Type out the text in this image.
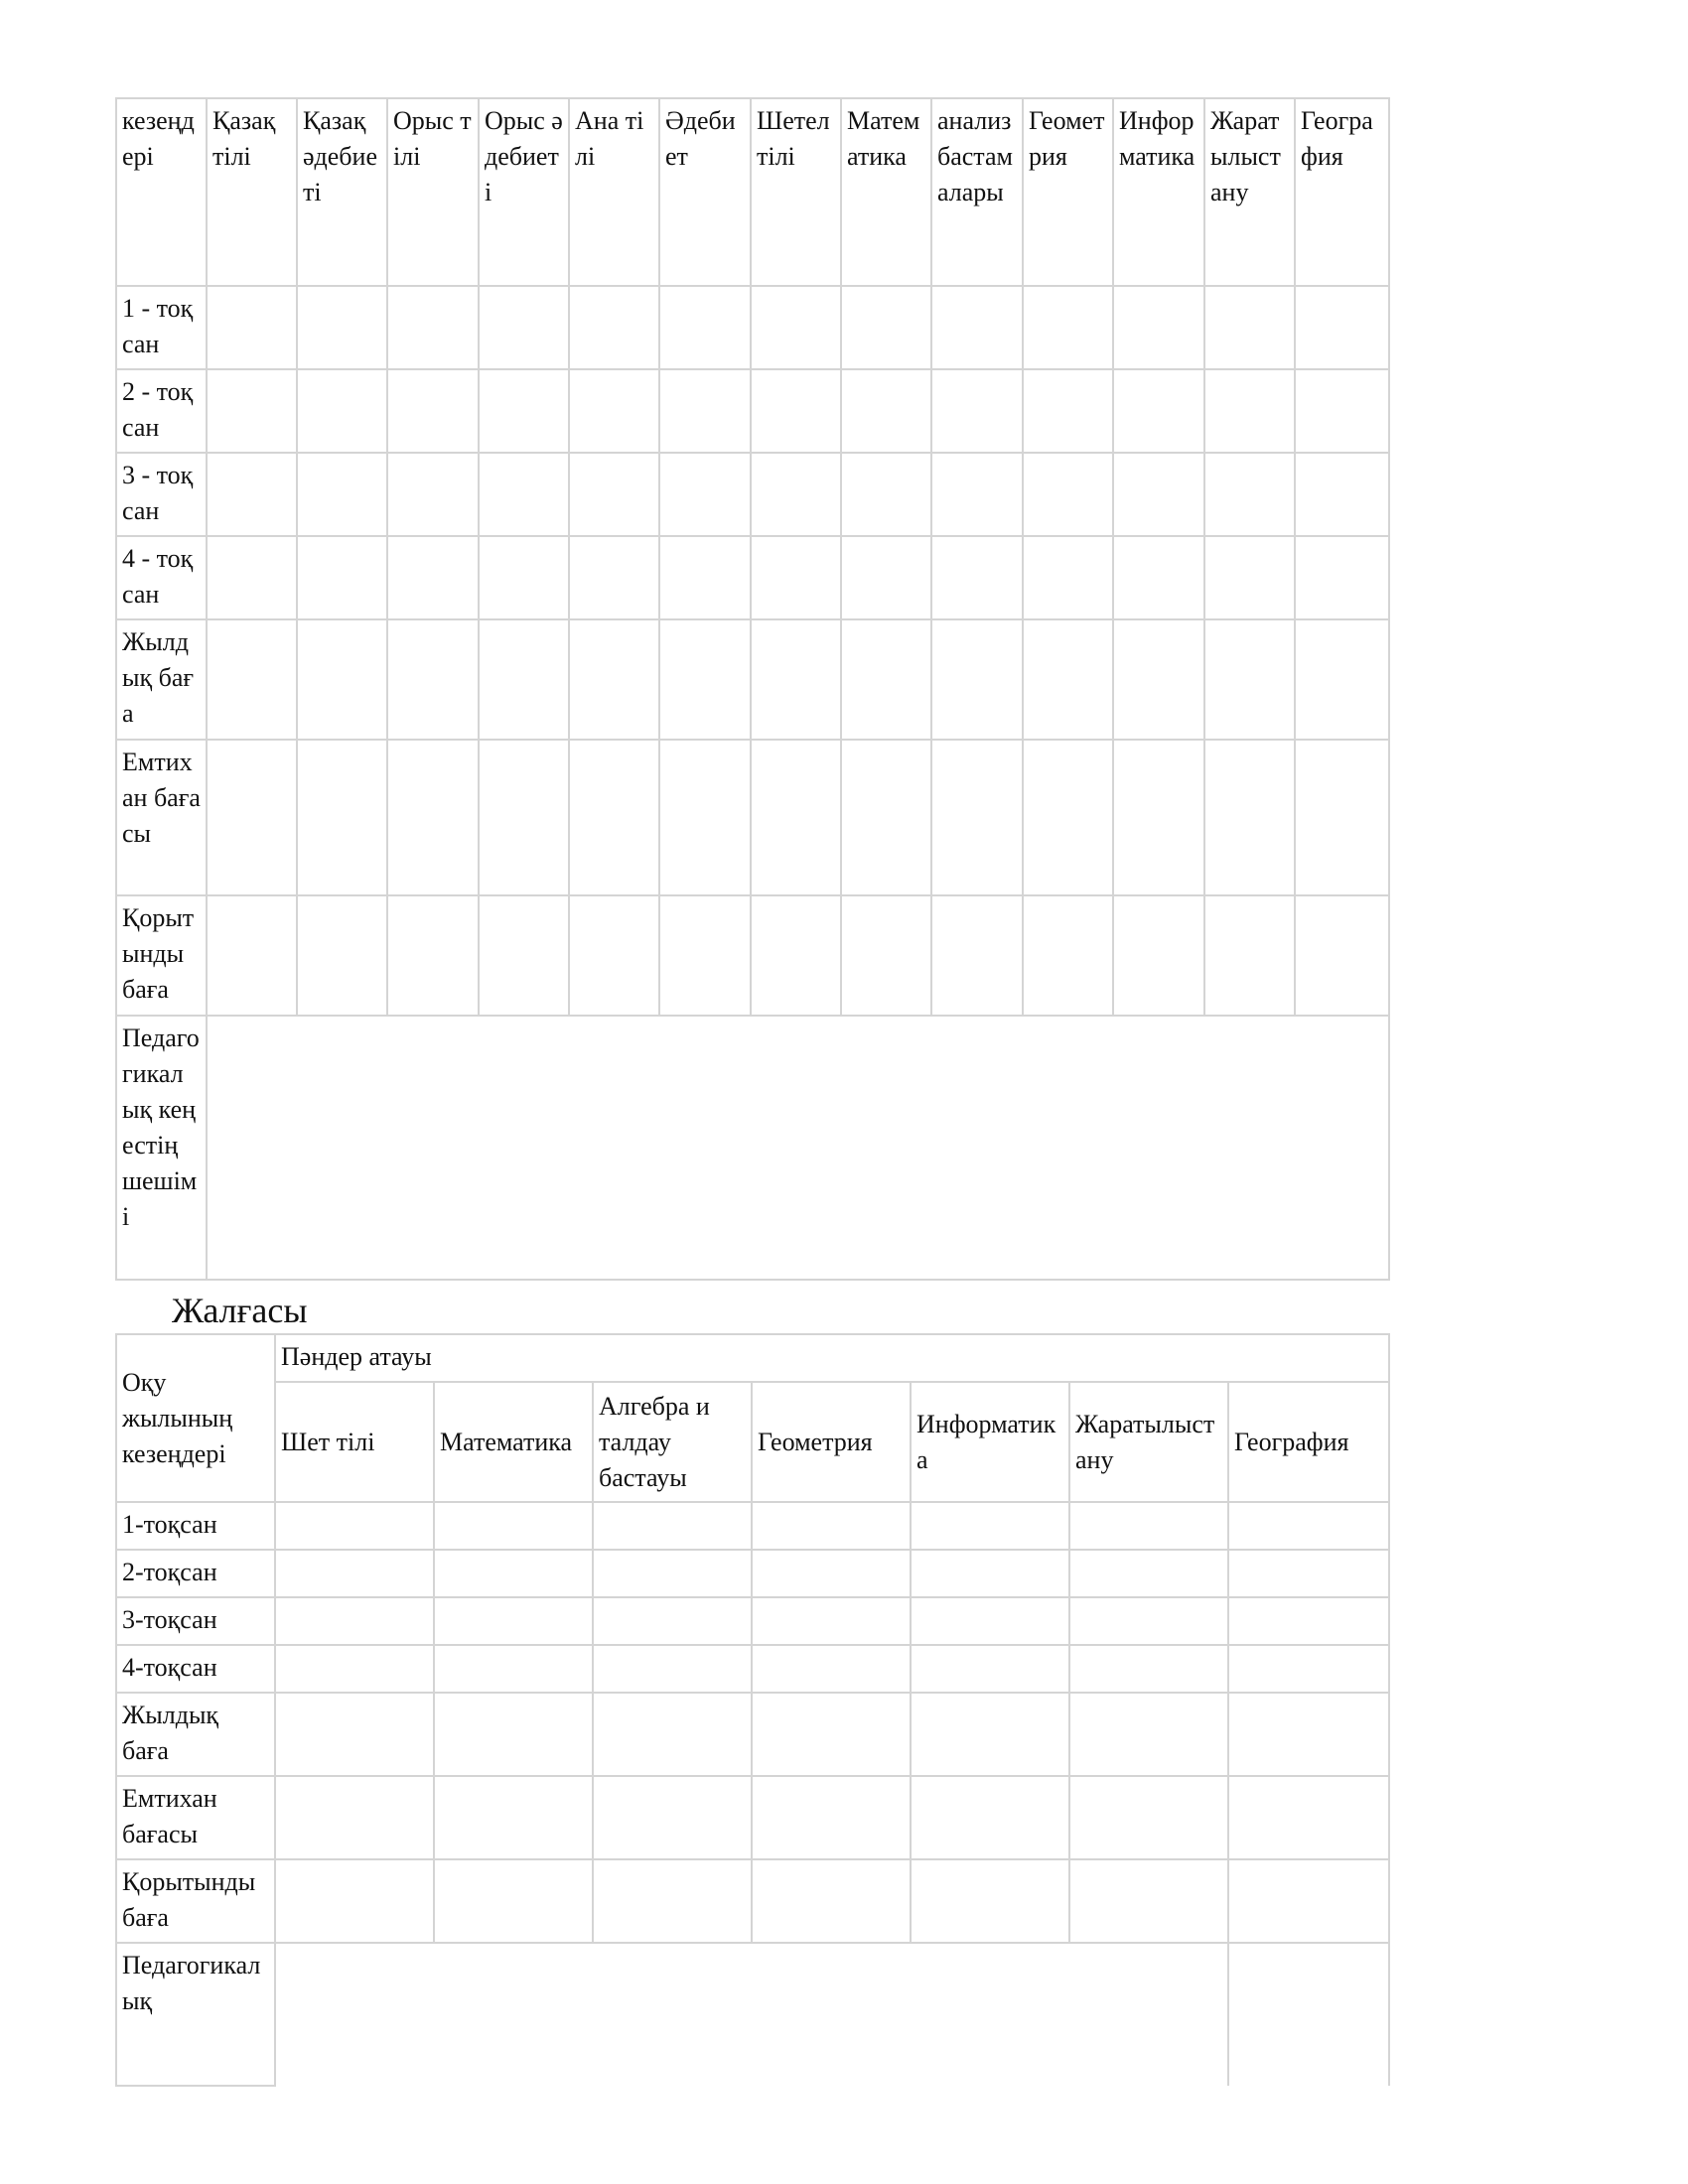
кезеңдері	Қазақ тілі	Қазақ әдебиеті	Орыс тілі	Орыс әдебиеті	Ана тілі	Әдебиет	Шетел тілі	Математика	анализ бастамалары	Геометрия	Информатика	Жаратылыстану	География
1 - тоқсан													
2 - тоқсан													
3 - тоқсан													
4 - тоқсан													
Жылдық баға													
Емтихан бағасы													
Қорытынды баға													
Педагогикалық кеңестің шешімі													
Жалғасы
Оқу жылының кезеңдері	Пәндер атауы						
	Шет тілі	Математика	Алгебра и талдау бастауы	Геометрия	Информатика	Жаратылыстану	География
1-тоқсан							
2-тоқсан							
3-тоқсан							
4-тоқсан							
Жылдық баға							
Емтихан бағасы							
Қорытынды баға							
Педагогикалық							
